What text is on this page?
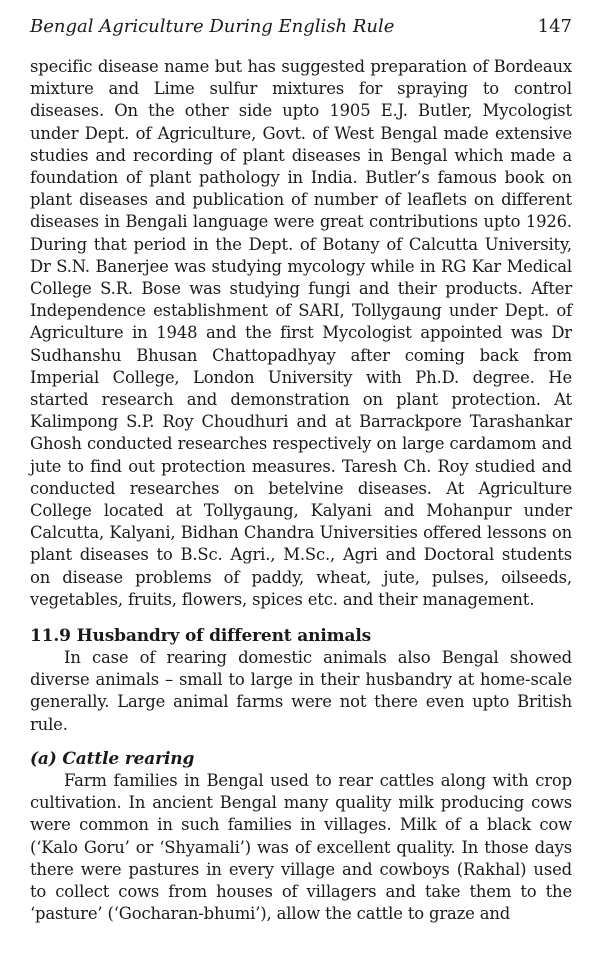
Bengal Agriculture During English Rule	147

specific disease name but has suggested preparation of Bordeaux mixture and Lime sulfur mixtures for spraying to control diseases. On the other side upto 1905 E.J. Butler, Mycologist under Dept. of Agriculture, Govt. of West Bengal made extensive studies and recording of plant diseases in Bengal which made a foundation of plant pathology in India. Butler’s famous book on plant diseases and publication of number of leaflets on different diseases in Bengali language were great contributions upto 1926. During that period in the Dept. of Botany of Calcutta University, Dr S.N. Banerjee was studying mycology while in RG Kar Medical College S.R. Bose was studying fungi and their products. After Independence establishment of SARI, Tollygaung under Dept. of Agriculture in 1948 and the first Mycologist appointed was Dr Sudhanshu Bhusan Chattopadhyay after coming back from Imperial College, London University with Ph.D. degree. He started research and demonstration on plant protection. At Kalimpong S.P. Roy Choudhuri and at Barrackpore Tarashankar Ghosh conducted researches respectively on large cardamom and jute to find out protection measures. Taresh Ch. Roy studied and conducted researches on betelvine diseases. At Agriculture College located at Tollygaung, Kalyani and Mohanpur under Calcutta, Kalyani, Bidhan Chandra Universities offered lessons on plant diseases to B.Sc. Agri., M.Sc., Agri and Doctoral students on disease problems of paddy, wheat, jute, pulses, oilseeds, vegetables, fruits, flowers, spices etc. and their management.

11.9 Husbandry of different animals

In case of rearing domestic animals also Bengal showed diverse animals – small to large in their husbandry at home-scale generally. Large animal farms were not there even upto British rule.

(a) Cattle rearing

Farm families in Bengal used to rear cattles along with crop cultivation. In ancient Bengal many quality milk producing cows were common in such families in villages. Milk of a black cow (‘Kalo Goru’ or ‘Shyamali’) was of excellent quality. In those days there were pastures in every village and cowboys (Rakhal) used to collect cows from houses of villagers and take them to the ‘pasture’ (‘Gocharan-bhumi’), allow the cattle to graze and
